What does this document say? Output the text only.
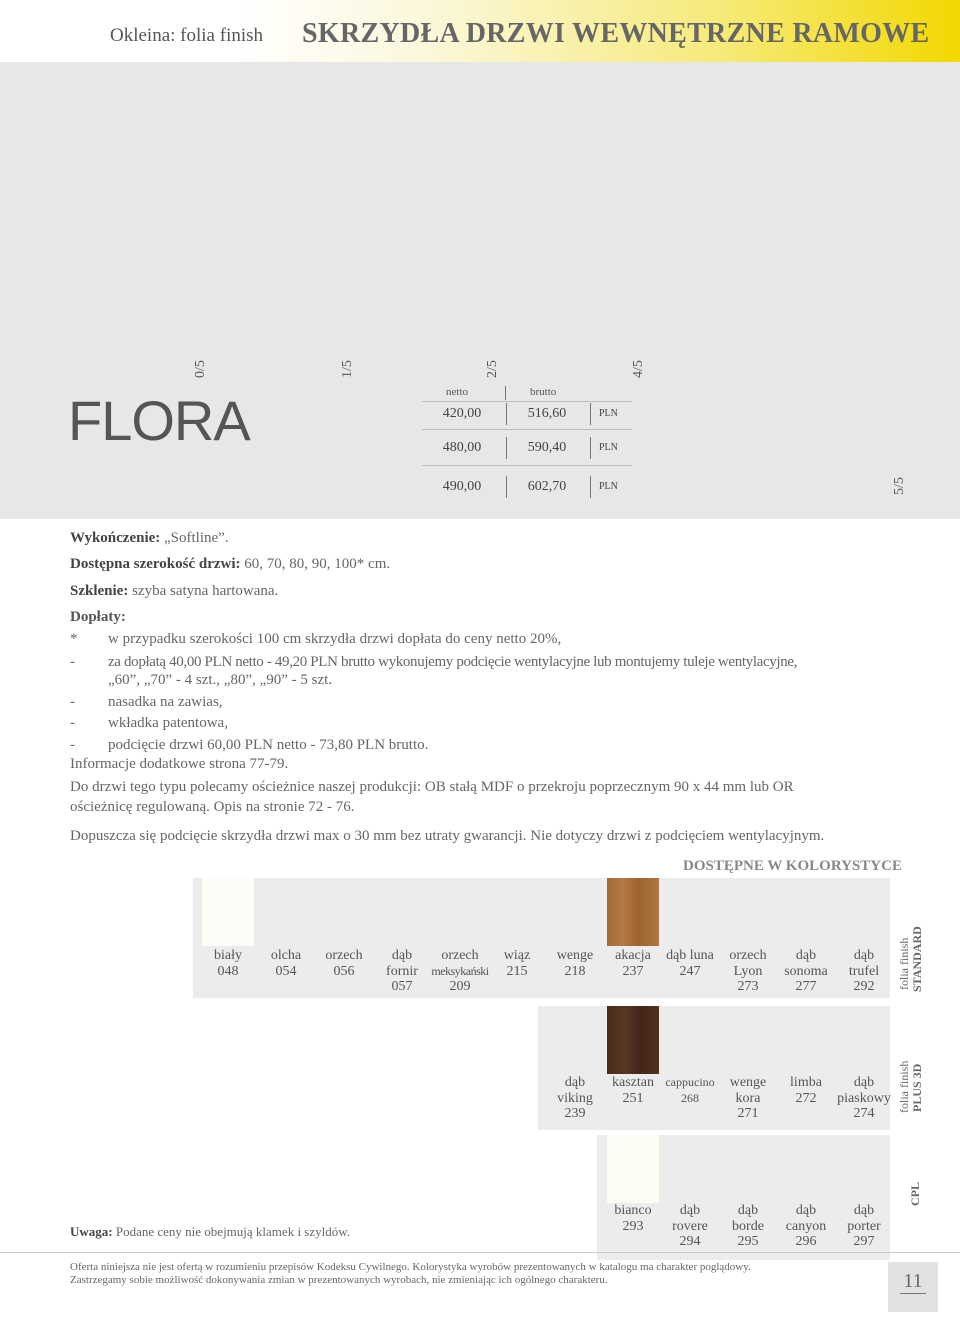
Okleina: folia finish SKRZYDŁA DRZWI WEWNĘTRZNE RAMOWE
0/5	1/5	2/5	4/5
5/5
FLORA	netto	brutto
420,00	516,60	PLN
480,00	590,40	PLN
490,00	602,70	PLN
Wykończenie: „Softline”.
Dostępna szerokość drzwi: 60, 70, 80, 90, 100* cm.
Szklenie: szyba satyna hartowana.
Dopłaty:
* w przypadku szerokości 100 cm skrzydła drzwi dopłata do ceny netto 20%,
- za dopłatą 40,00 PLN netto - 49,20 PLN brutto wykonujemy podcięcie wentylacyjne lub montujemy tuleje wentylacyjne,
„60”, „70” - 4 szt., „80”, „90” - 5 szt.
- nasadka na zawias,
- wkładka patentowa,
- podcięcie drzwi 60,00 PLN netto - 73,80 PLN brutto.
Informacje dodatkowe strona 77-79.
Do drzwi tego typu polecamy ościeżnice naszej produkcji: OB stałą MDF o przekroju poprzecznym 90 x 44 mm lub OR
ościeżnicę regulowaną. Opis na stronie 72 - 76.
Dopuszcza się podcięcie skrzydła drzwi max o 30 mm bez utraty gwarancji. Nie dotyczy drzwi z podcięciem wentylacyjnym.
DOSTĘPNE W KOLORYSTYCE
biały
048
olcha
054
orzech
056
dąb
fornir
057
orzech
meksykański
209
wiąz
215
wenge
218
akacja
237
dąb luna
247
orzech
Lyon
273
dąb
sonoma
277
dąb
trufel
292	folia finish STANDARD
dąb
viking
239
kasztan
251
cappucino
268
wenge
kora
271
limba
272
dąb
piaskowy
274
folia finish PLUS 3D
bianco
293
dąb
rovere
294
dąb
borde
295
dąb
canyon
296
dąb
porter
297
CPL
Uwaga: Podane ceny nie obejmują klamek i szyldów.
Oferta niniejsza nie jest ofertą w rozumieniu przepisów Kodeksu Cywilnego. Kolorystyka wyrobów prezentowanych w katalogu ma charakter poglądowy.
Zastrzegamy sobie możliwość dokonywania zmian w prezentowanych wyrobach, nie zmieniając ich ogólnego charakteru.	11
